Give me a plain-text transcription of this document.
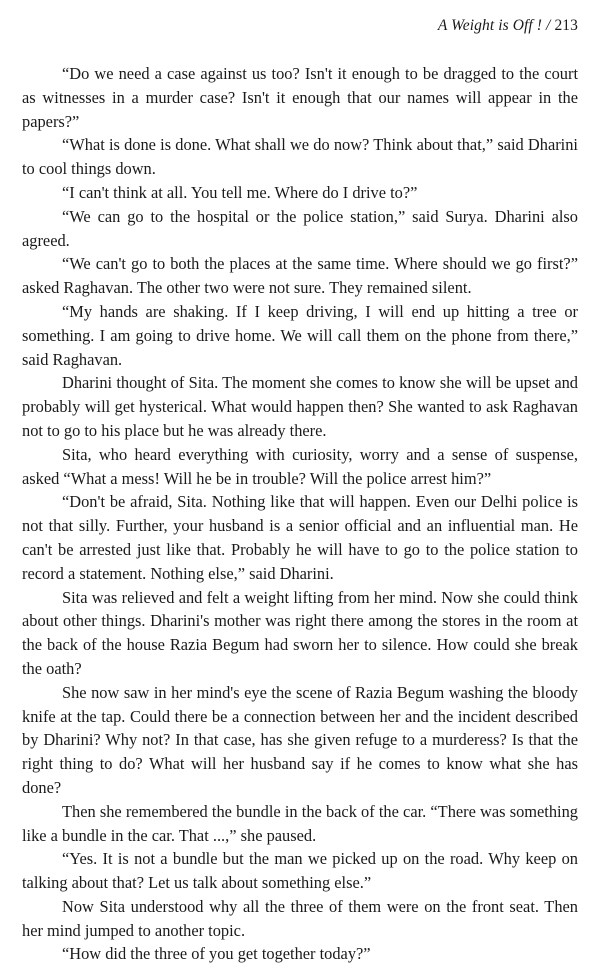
A Weight is Off ! / 213

“Do we need a case against us too? Isn't it enough to be dragged to the court as witnesses in a murder case? Isn't it enough that our names will appear in the papers?”

“What is done is done. What shall we do now? Think about that,” said Dharini to cool things down.

“I can't think at all. You tell me. Where do I drive to?”

“We can go to the hospital or the police station,” said Surya. Dharini also agreed.

“We can't go to both the places at the same time. Where should we go first?” asked Raghavan. The other two were not sure. They remained silent.

“My hands are shaking. If I keep driving, I will end up hitting a tree or something. I am going to drive home. We will call them on the phone from there,” said Raghavan.

Dharini thought of Sita. The moment she comes to know she will be upset and probably will get hysterical. What would happen then? She wanted to ask Raghavan not to go to his place but he was already there.

Sita, who heard everything with curiosity, worry and a sense of suspense, asked “What a mess! Will he be in trouble? Will the police arrest him?”

“Don't be afraid, Sita. Nothing like that will happen. Even our Delhi police is not that silly. Further, your husband is a senior official and an influential man. He can't be arrested just like that. Probably he will have to go to the police station to record a statement. Nothing else,” said Dharini.

Sita was relieved and felt a weight lifting from her mind. Now she could think about other things. Dharini's mother was right there among the stores in the room at the back of the house Razia Begum had sworn her to silence. How could she break the oath?

She now saw in her mind's eye the scene of Razia Begum washing the bloody knife at the tap. Could there be a connection between her and the incident described by Dharini? Why not? In that case, has she given refuge to a murderess? Is that the right thing to do? What will her husband say if he comes to know what she has done?

Then she remembered the bundle in the back of the car. “There was something like a bundle in the car. That ...,” she paused.

“Yes. It is not a bundle but the man we picked up on the road. Why keep on talking about that? Let us talk about something else.”

Now Sita understood why all the three of them were on the front seat. Then her mind jumped to another topic.

“How did the three of you get together today?”
